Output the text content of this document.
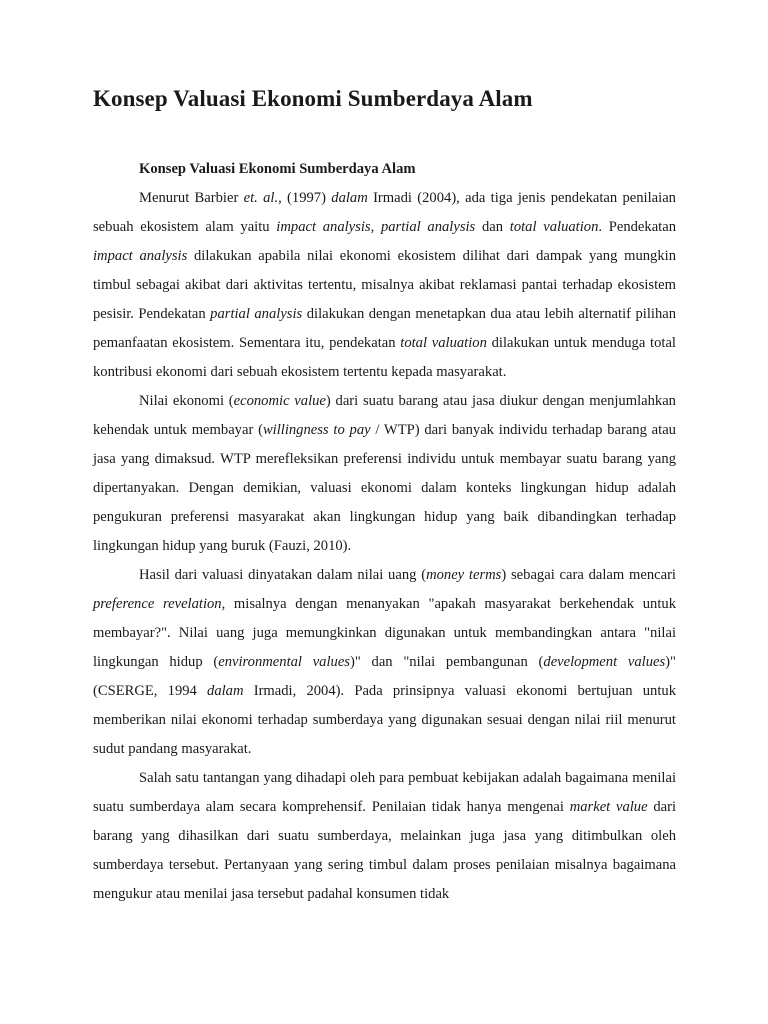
Konsep Valuasi Ekonomi Sumberdaya Alam

Konsep Valuasi Ekonomi Sumberdaya Alam

Menurut Barbier et. al., (1997) dalam Irmadi (2004), ada tiga jenis pendekatan penilaian sebuah ekosistem alam yaitu impact analysis, partial analysis dan total valuation. Pendekatan impact analysis dilakukan apabila nilai ekonomi ekosistem dilihat dari dampak yang mungkin timbul sebagai akibat dari aktivitas tertentu, misalnya akibat reklamasi pantai terhadap ekosistem pesisir. Pendekatan partial analysis dilakukan dengan menetapkan dua atau lebih alternatif pilihan pemanfaatan ekosistem. Sementara itu, pendekatan total valuation dilakukan untuk menduga total kontribusi ekonomi dari sebuah ekosistem tertentu kepada masyarakat.

Nilai ekonomi (economic value) dari suatu barang atau jasa diukur dengan menjumlahkan kehendak untuk membayar (willingness to pay / WTP) dari banyak individu terhadap barang atau jasa yang dimaksud. WTP merefleksikan preferensi individu untuk membayar suatu barang yang dipertanyakan. Dengan demikian, valuasi ekonomi dalam konteks lingkungan hidup adalah pengukuran preferensi masyarakat akan lingkungan hidup yang baik dibandingkan terhadap lingkungan hidup yang buruk (Fauzi, 2010).

Hasil dari valuasi dinyatakan dalam nilai uang (money terms) sebagai cara dalam mencari preference revelation, misalnya dengan menanyakan "apakah masyarakat berkehendak untuk membayar?". Nilai uang juga memungkinkan digunakan untuk membandingkan antara "nilai lingkungan hidup (environmental values)" dan "nilai pembangunan (development values)" (CSERGE, 1994 dalam Irmadi, 2004). Pada prinsipnya valuasi ekonomi bertujuan untuk memberikan nilai ekonomi terhadap sumberdaya yang digunakan sesuai dengan nilai riil menurut sudut pandang masyarakat.

Salah satu tantangan yang dihadapi oleh para pembuat kebijakan adalah bagaimana menilai suatu sumberdaya alam secara komprehensif. Penilaian tidak hanya mengenai market value dari barang yang dihasilkan dari suatu sumberdaya, melainkan juga jasa yang ditimbulkan oleh sumberdaya tersebut. Pertanyaan yang sering timbul dalam proses penilaian misalnya bagaimana mengukur atau menilai jasa tersebut padahal konsumen tidak
